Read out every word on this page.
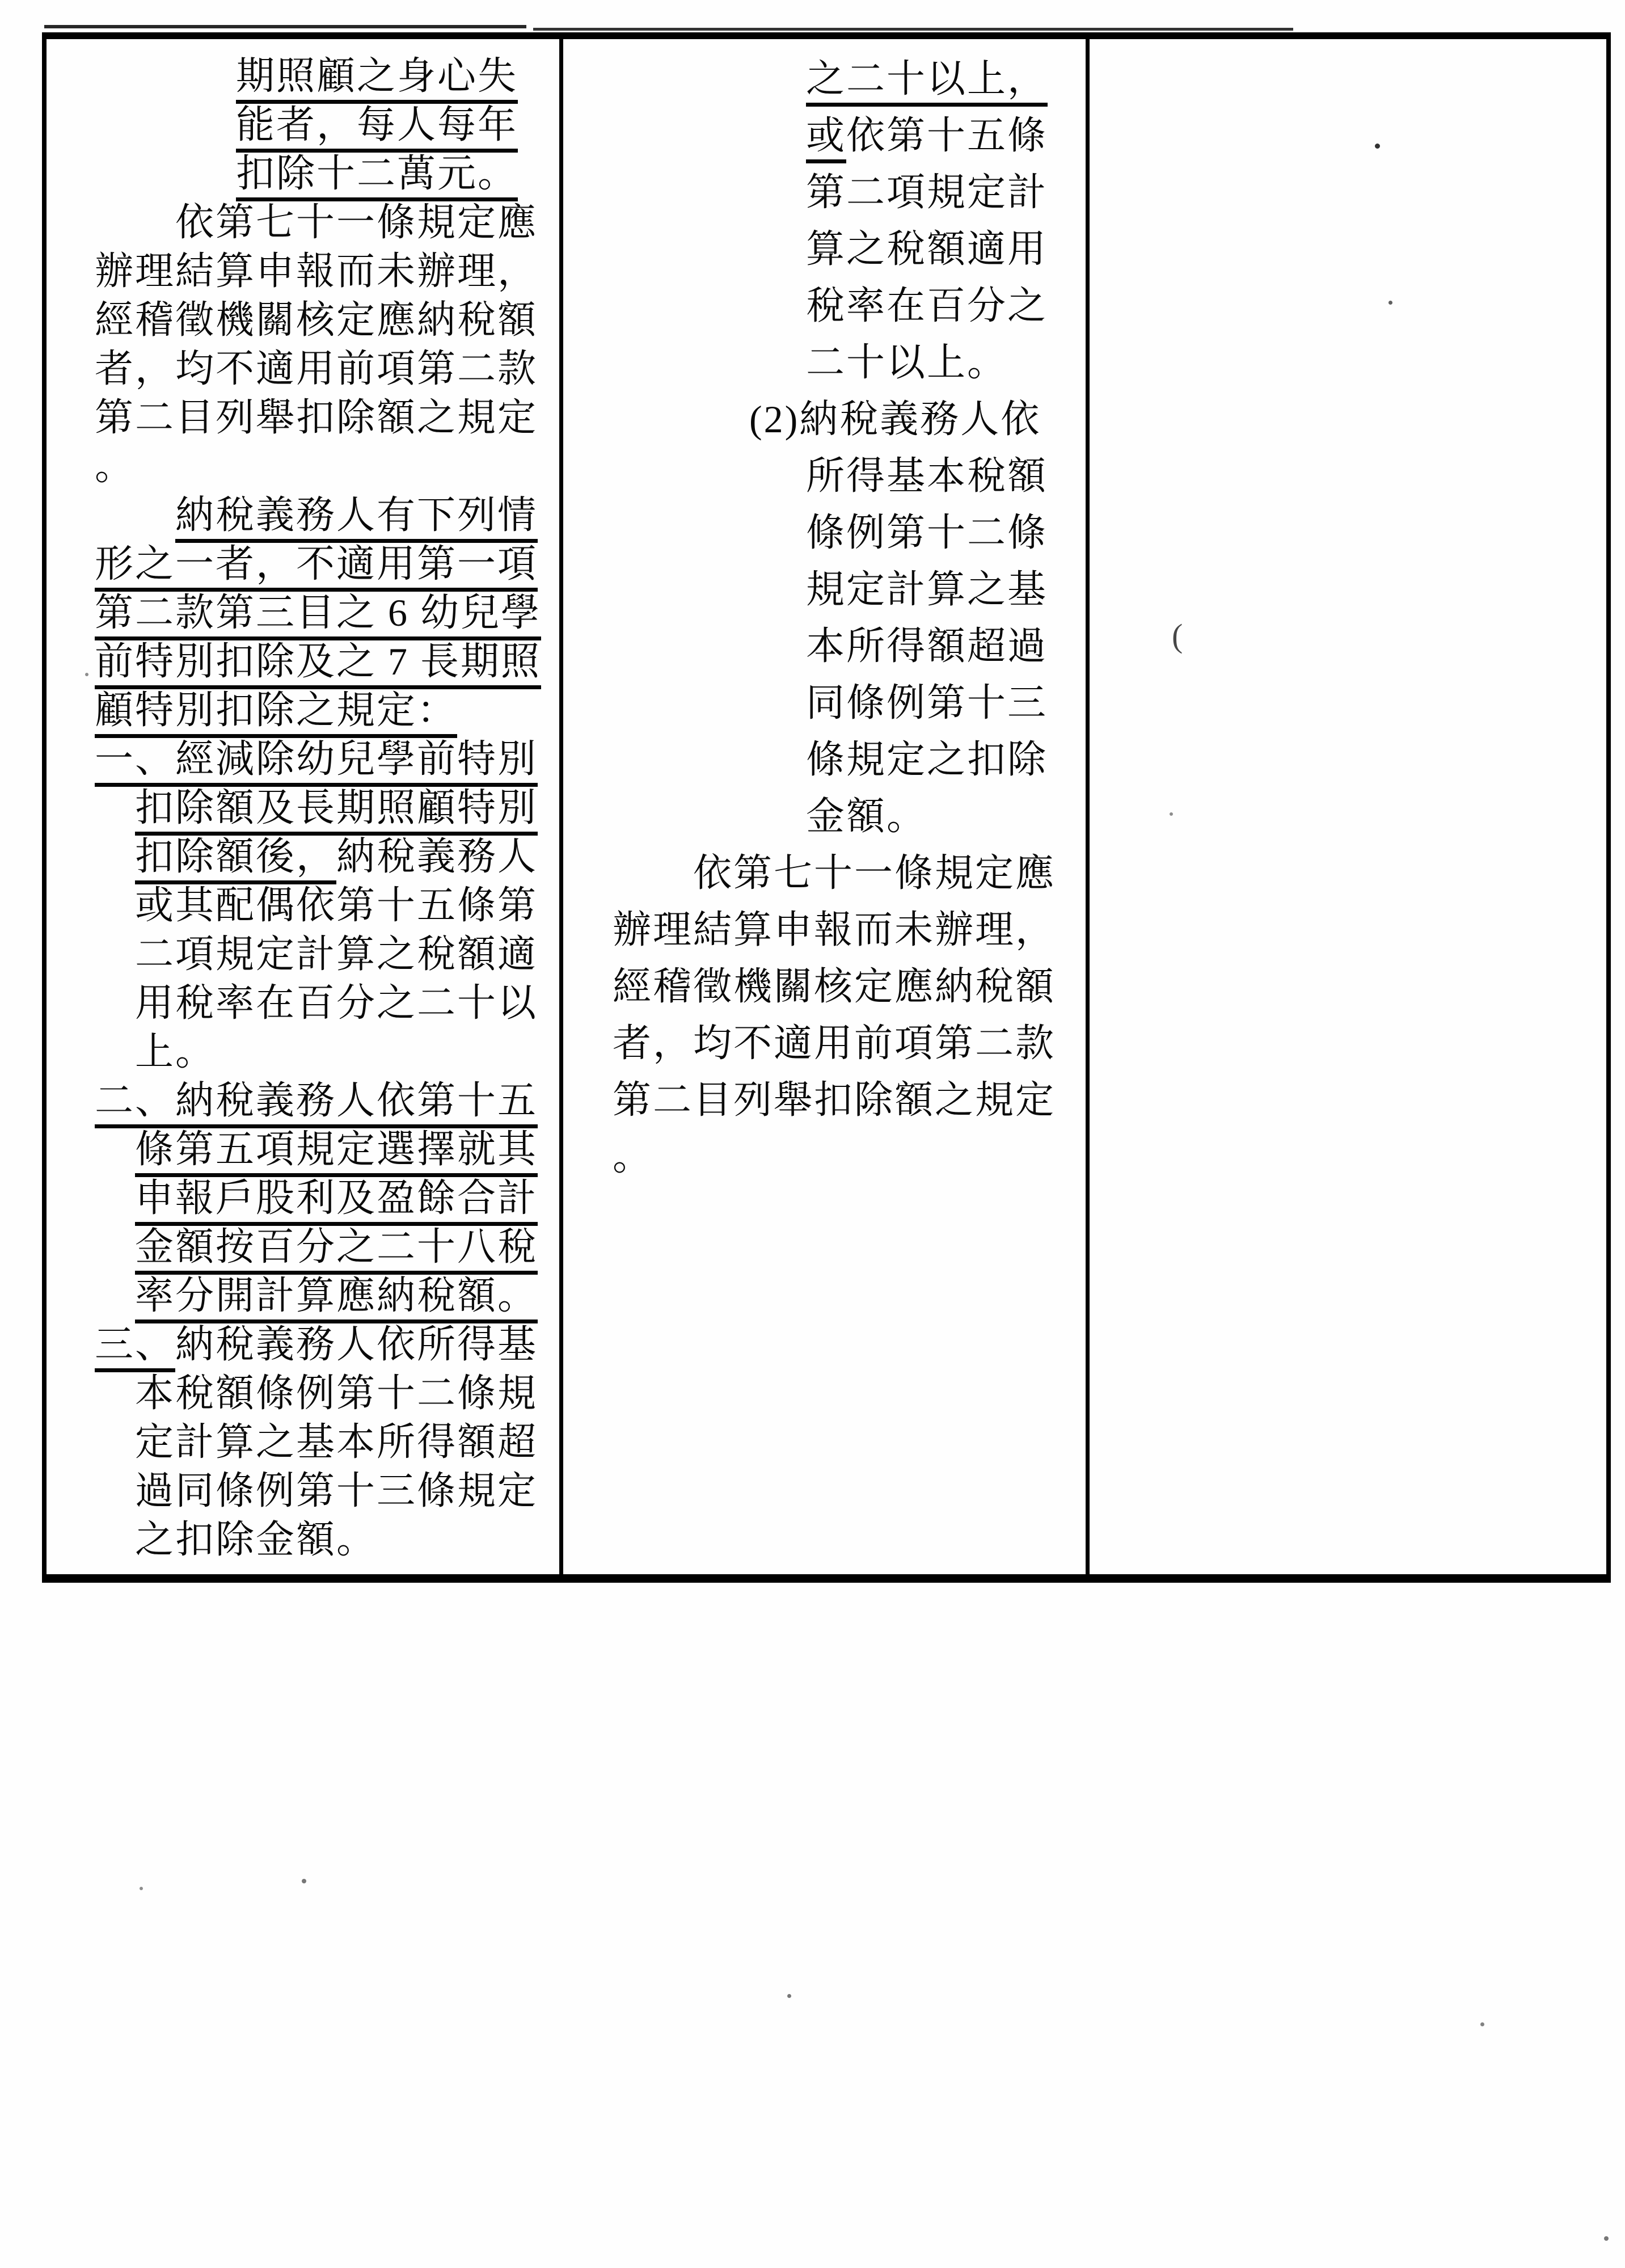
期照顧之身心失
能者，每人每年
扣除十二萬元。
依第七十一條規定應
辦理結算申報而未辦理，
經稽徵機關核定應納稅額
者，均不適用前項第二款
第二目列舉扣除額之規定
。
納稅義務人有下列情
形之一者，不適用第一項
第二款第三目之 6 幼兒學
前特別扣除及之 7 長期照
顧特別扣除之規定：
一、經減除幼兒學前特別
扣除額及長期照顧特別
扣除額後，納稅義務人
或其配偶依第十五條第
二項規定計算之稅額適
用稅率在百分之二十以
上。
二、納稅義務人依第十五
條第五項規定選擇就其
申報戶股利及盈餘合計
金額按百分之二十八稅
率分開計算應納稅額。
三、納稅義務人依所得基
本稅額條例第十二條規
定計算之基本所得額超
過同條例第十三條規定
之扣除金額。
之二十以上，
或依第十五條
第二項規定計
算之稅額適用
稅率在百分之
二十以上。
(2)納稅義務人依
所得基本稅額
條例第十二條
規定計算之基
本所得額超過
同條例第十三
條規定之扣除
金額。
依第七十一條規定應
辦理結算申報而未辦理，
經稽徵機關核定應納稅額
者，均不適用前項第二款
第二目列舉扣除額之規定
。
(
